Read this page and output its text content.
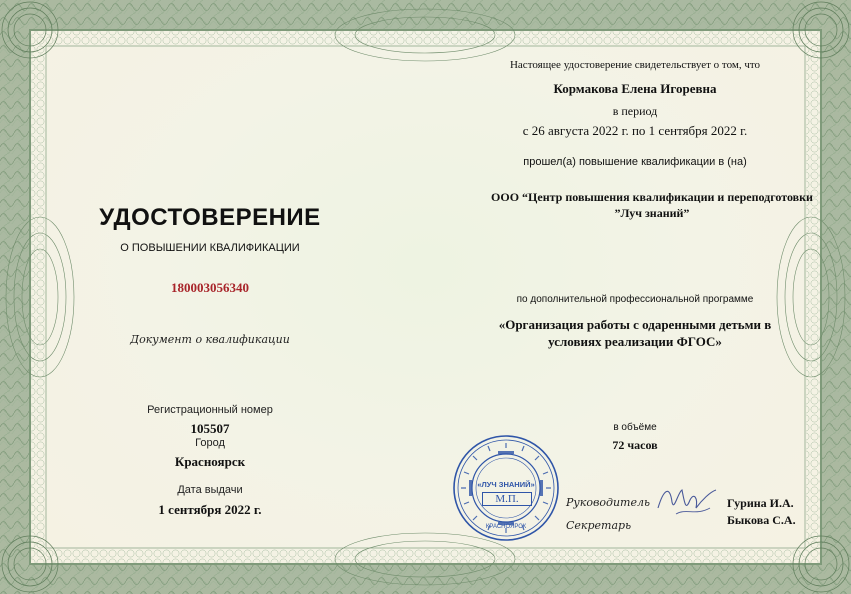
УДОСТОВЕРЕНИЕ
О ПОВЫШЕНИИ КВАЛИФИКАЦИИ
180003056340
Документ о квалификации
Регистрационный номер
105507
Город
Красноярск
Дата выдачи
1 сентября 2022 г.
Настоящее удостоверение свидетельствует о том, что
Кормакова Елена Игоревна
в период
с 26 августа 2022 г. по 1 сентября 2022 г.
прошел(а) повышение квалификации в (на)
ООО “Центр повышения квалификации и переподготовки
”Луч знаний”
по дополнительной профессиональной программе
«Организация работы с одаренными детьми в
условиях реализации ФГОС»
в объёме
72 часов
Руководитель
Секретарь
Гурина И.А.
Быкова С.А.
«ЛУЧ ЗНАНИЙ»
М.П.
КРАСНОЯРСК
